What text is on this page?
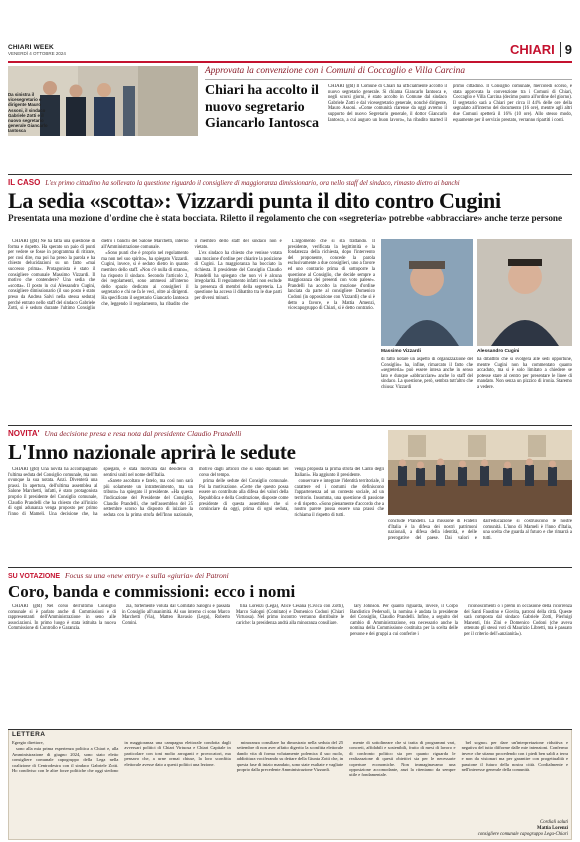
CHIARI WEEK
VENERDÌ 4 OTTOBRE 2024	CHIARI 9
Da sinistra il vicesegretario e dirigente Mauro Assoni, il sindaco Gabriele Zotti e il nuovo segretario generale Giancarlo Iantosca
Approvata la convenzione con i Comuni di Coccaglio e Villa Carcina
Chiari ha accolto il nuovo segretario Giancarlo Iantosca
CHIARI (gtd) Il Comune di Chiari ha ufficialmente accolto il nuovo segretario generale. Si chiama Giancarlo Iantosca e, negli scorsi giorni, è stato accolto in Comune dal sindaco Gabriele Zotti e dal vicesegretario generale, nonché dirigente, Mauro Assoni. «Come comunità clarense da oggi avremo il supporto del nuovo Segretario generale, il dottor Giancarlo Iantosca, a cui auguro un buon lavoro», ha ribadito marted il primo cittadino. Il Consiglio comunale, mercoledì scorso, è stata approvata la convenzione tra i Comuni di Chiari, Coccaglio e Villa Carcina (decimo punto all'ordine del giorno). Il segretario sarà a Chiari per circa il 44% delle ore della segnalato all'interno del documento (16 ore), mentre agli altri due Comuni spetterà il 16% (10 ore). Allo stesso modo, equamente per il servizio prestato, verranno ripartiti i costi.
IL CASO L'ex primo cittadino ha sollevato la questione riguardo il consigliere di maggioranza dimissionario, ora nello staff del sindaco, rimasto dietro ai banchi
La sedia «scotta»: Vizzardi punta il dito contro Cugini
Presentata una mozione d'ordine che è stata bocciata. Riletto il regolamento che con «segreteria» potrebbe «abbracciare» anche terze persone

CHIARI (gtd) Ne ha fatta una questione di forma e rispetto. Ha sperato un paio di punti per vedere se fosse in programma di ritirare, per così dire, ma poi ha preso la parola e ha chiesto delucidazioni su un fatto «mai successo prima». Protagonista è stato il consigliere comunale Massimo Vizzardi. Il motivo che contendere? Una sedia che «scotta». Il posto in cui Alessandro Cugini, consigliere dimissionario (il suo posto è stato preso da Andrea Salvi nella stessa seduta) perché entrato nello staff del sindaco Gabriele Zotti, si è seduto durante l'ultimo Consiglio dietro i banchi del Salone Marchetti, interno all'Amministrazione comunale.

«Sono punti che è proprio nel regolamento ma non nel suo spirito», ha spiegato Vizzardi. Cugini, invece, si è seduto dietro in quanto membro dello staff. «Non c'è nulla di strano», ha risposto il sindaco. Secondo l'articolo 2, dei regolamenti, sono ammessi all'interno dello spazio dedicato ai consiglieri il segretario e chi ne fa le veci, oltre ai dirigenti. Ha specificato il segretario Giancarlo Iantosca che, leggendo il regolamento, ha ribadito che il membro dello staff del sindaco non è vietato.

L'ex sindaco ha chiesto che venisse votata una mozione d'ordine per chiarire la posizione di Cugini. La maggioranza ha bocciato la richiesta. Il presidente del Consiglio Claudio Prandelli ha spiegato che non vi è alcuna irregolarità. Il regolamento infatti non esclude la presenza di membri della segreteria. La questione ha acceso il dibattito tra le due parti per diversi minuti.

L'argomento che si sta trattando. Il presidente, verificata la legittimità e la fondatezza della richiesta, dopo l'intervento del proponente, concede la parola esclusivamente a due consiglieri, uno a favore ed uno contrario prima di sottoporre la questione al Consiglio, che decide sempre a maggioranza dei presenti con voto palese». Prandelli ha accolto la mozione d'ordine lanciata da parte al consigliere Domenico Codoni (in opposizione con Vizzardi) che si è detto a favore, e la Mattia Amenzi, vicecapogruppo di Chiari, si è detto contrario.

Massimo Vizzardi	Alessandro Cugini
di fatto notare un aspetto di organizzazione del Consiglio» ha, infine, rimarcato il fatto che «segreteria» può essere intesa anche in senso lato e dunque «abbracciare» anche lo staff del sindaco. La questione, però, sembra tutt'altro che chiusa: Vizzardi
ha dibattito che si svolgerà alle sedi opportune, mentre Cugini non ha commentato quanto accaduto, ma si è solo limitato a chiedere se potesse stare al centro per presentare le linee di mandato. Non senza un pizzico di ironia. Staremo a vedere.
NOVITA' Una decisione presa e resa nota dal presidente Claudio Prandelli
L'Inno nazionale aprirà le sedute

CHIARI (gtd) Una novità ha accompagnato l'ultima seduta del Consiglio comunale, ma non ovunque la sua notata. Anzi. Diventerà una prassi. In apertura, dell'ultima assemblea al Salone Marchetti, infatti, è stato protagonista proprio il presidente del Consiglio comunale, Claudio Prandelli che ha chiesto che all'inizio di ogni adunanza venga proposto per primo l'inno di Mameli. Una decisione che, ha spiegato, è stata motivata dal desiderio di sentirsi uniti nel nome dell'Italia.

«Sarete ascoltato e fatelo, ma così non sarà più solamente un intrattenimento, ma un tributo» ha spiegato il presidente. «Ha questa l'indicazione del Presidente del Consiglio, Claudio Prandelli, che nell'assemblea del 25 settembre scorso ha disposto di iniziare la seduta con la prima strofa dell'Inno nazionale, motivo dagli articoli che si sono dipanati nel corso del tempo.

prima delle sedute del Consiglio comunale. Poi la motivazione. «Certe che questo possa essere un contributo alla difesa dei valori della Repubblica e della Costituzione, disposte come presidente di questa assemblea che si cominciare da oggi, prima di ogni seduta, venga proposta la prima strofa del Canto degli Italiani». Ha aggiunto il presidente.

conservare e integrare l'identità territoriale, il carattere ed i costumi che definiscono l'appartenenza ad un contesto sociale, ad un territorio. Insomma, una questione di passione e di rispetto. «Sono pienamente d'accordo che a nostro parere possa essere una prassi che richiama il rispetto di tutti.

conclude Prandelli. La missione di Fratelli d'Italia è la difesa dei nostri patrimoni nazionali, a difesa della identità, e delle prerogative del paese. Dai valori e dall'educazione si costruiscono le nostre comunità. L'inno di Mameli è l'inno d'Italia, una scelta che guarda al futuro e che rimarrà a tutti.
SU VOTAZIONE Focus su una «new entry» e sulla «giuria» dei Patroni
Coro, banda e commissioni: ecco i nomi

CHIARI (gtd) Nel corso dell'ultimo Consiglio comunale si è parlato anche di Commissioni e di rappresentanti dell'Amministrazione in seno alle associazioni. In primo luogo è stata istituita la nuova Commissione di Controllo e Garanzia.

zia, fortemente voluta dal Comitato Salogni e passata in Consiglio all'unanimità. Al suo interno ci sono Marco Marchetti (Via), Matteo Ravasio (Lega), Roberto Comini.

tilia Lorenzi (Lega), Alice Cesana (Civica con Zotti), Marco Salogni (Comitato) e Domenico Codoni (Chiari Virtuosa). Nel primo incontro verranno distribuite le cariche: la presidenza andrà alla minoranza consiliare.

lary Johnson. Per quanto riguarda, invece, il Corpo Bandistico Pedersoli, la nomina è andata la presidente del Consiglio, Claudio Prandelli. Infine, a seguito del cambio di Amministrazione, era necessario anche la nomina della Commissione costituita per la scelta delle persone e dei gruppi a cui conferire i

riconoscimenti o i premi in occasione della ricorrenza dei Santi Faustino e Giovita, patroni della città. Queste sarà composta dal sindaco Gabriele Zotti, Pierluigi Manenti, Iris Zini e Domenico Codoni (che aveva ottenuto gli stessi voti di Maurizio Libretti, ma è passato per il criterio dell'«anzianità»).

LETTERA

Egregio direttore,

sono alla mia prima esperienza politica a Chiari e, alla Amministrazione di giugno 2024, sono stato eletto consigliere comunale capogruppo della Lega nella coalizione di Centrodestra con il sindaco Gabriele Zotti. Ho condiviso con le altre forze politiche che oggi siedono in maggioranza una campagna elettorale condotta dagli avversari politici di Chiari Virtuosa e Chiari Capitale in particolare con toni molto arroganti e provocatori, ma pensavo che, a urne ormai chiuse, la loro sconfitta elettorale avesse dato a questi politici una lezione.

minoranza consiliare ha dimostrato nella seduta del 25 settembre di non aver affatto digerito la sconfitta elettorale dando vita di forma volutamente polemica il suo ruolo, addirittura vociferando su dettare della Giunta Zotti che, in questa fase di inizio mandato, sono state esultate e vagliate proprio dalla precedente Amministrazione Vizzardi.

mente di sottolineare che si tratta di programmi vari, concreti, affidabili e sostenibili, frutto di mesi di lavoro e di confronto politico sia per quanto riguarda le realizzazione di questi obiettivi sia per le necessarie coperture economiche. Non immaginavamo una opposizione accomodante, anzi la riteniamo da sempre utile e fondamentale.

bel sogno» per dare un'interpretazione riduttiva e negativa del tutto difforme dalle mie intenzioni. Confermo invece che stiamo procedendo con i piedi ben saldi a terra e non da visionari ma per garantire con progettualità e passione il futuro della nostra città. Cordialmente e nell'interesse generale della comunità.

Cordiali saluti
Mattia Lorenzi
consigliere comunale capogruppo Lega-Chiari
